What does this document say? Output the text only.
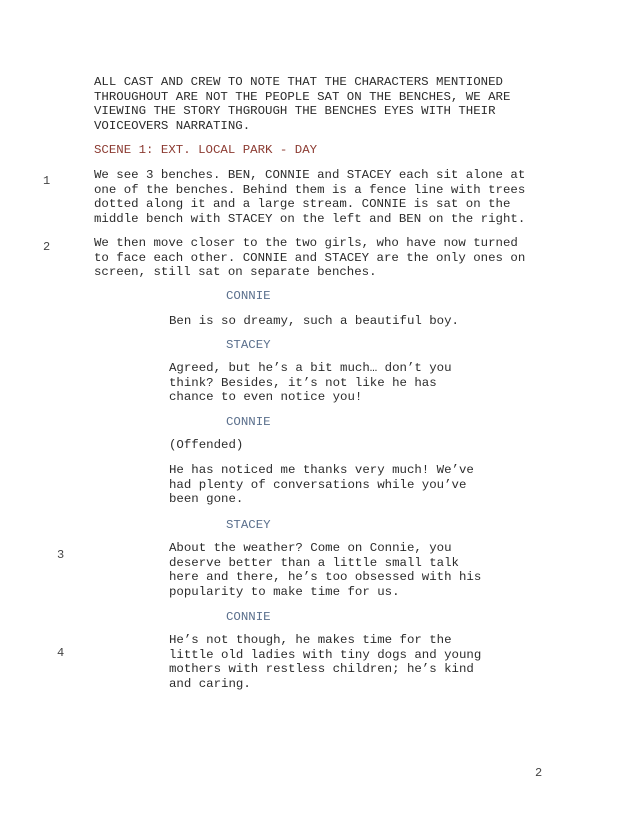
ALL CAST AND CREW TO NOTE THAT THE CHARACTERS MENTIONED
THROUGHOUT ARE NOT THE PEOPLE SAT ON THE BENCHES, WE ARE
VIEWING THE STORY THGROUGH THE BENCHES EYES WITH THEIR
VOICEOVERS NARRATING.
SCENE 1: EXT. LOCAL PARK - DAY
1	We see 3 benches. BEN, CONNIE and STACEY each sit alone at
one of the benches. Behind them is a fence line with trees
dotted along it and a large stream. CONNIE is sat on the
middle bench with STACEY on the left and BEN on the right.
2	We then move closer to the two girls, who have now turned
to face each other. CONNIE and STACEY are the only ones on
screen, still sat on separate benches.
CONNIE
Ben is so dreamy, such a beautiful boy.
STACEY
Agreed, but he’s a bit much… don’t you
think? Besides, it’s not like he has
chance to even notice you!
CONNIE
(Offended)
He has noticed me thanks very much! We’ve
had plenty of conversations while you’ve
been gone.
STACEY
3	About the weather? Come on Connie, you
deserve better than a little small talk
here and there, he’s too obsessed with his
popularity to make time for us.
CONNIE
4
He’s not though, he makes time for the
little old ladies with tiny dogs and young
mothers with restless children; he’s kind
and caring.
2
